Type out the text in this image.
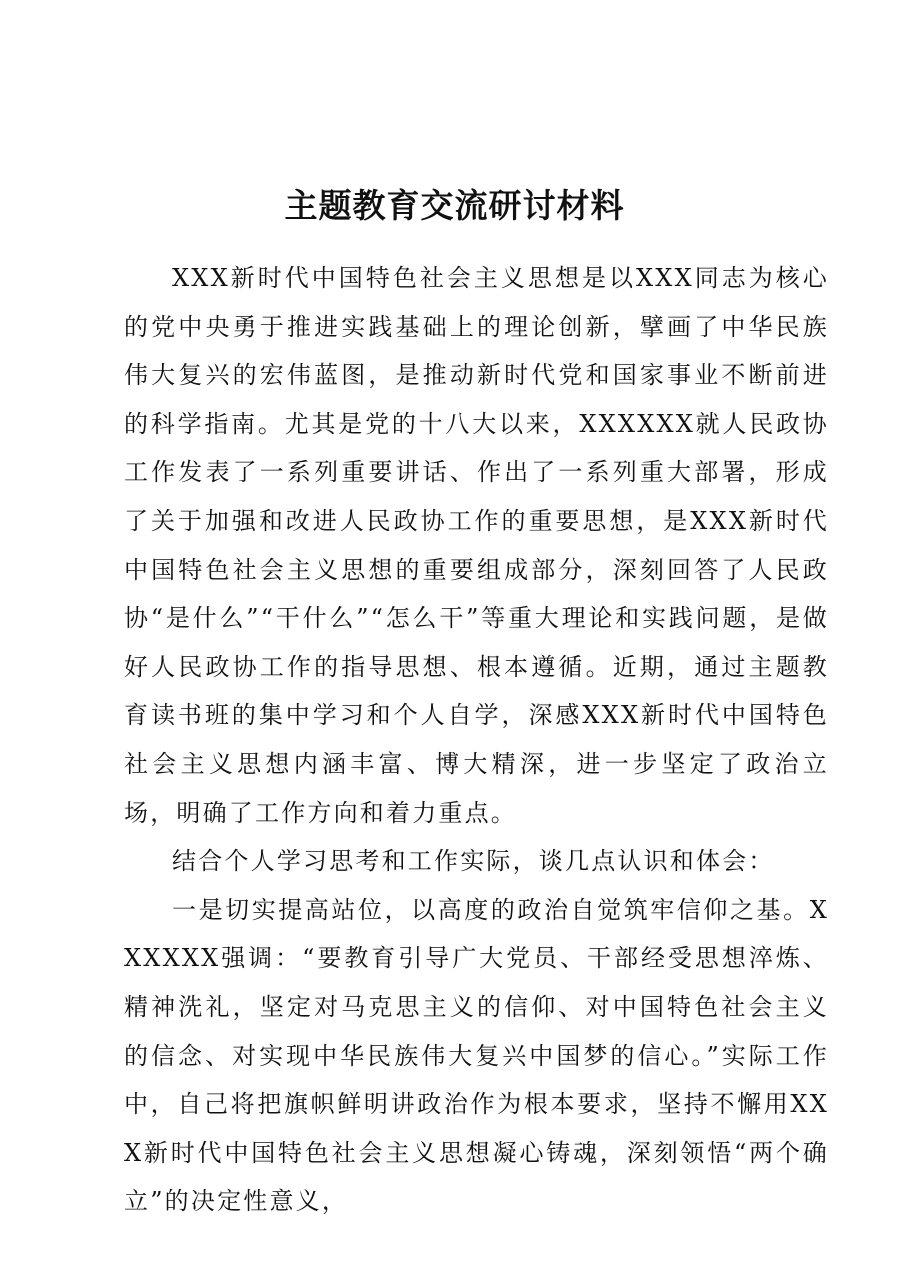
主题教育交流研讨材料

XXX新时代中国特色社会主义思想是以XXX同志为核心的党中央勇于推进实践基础上的理论创新，擘画了中华民族伟大复兴的宏伟蓝图，是推动新时代党和国家事业不断前进的科学指南。尤其是党的十八大以来，XXXXXX就人民政协工作发表了一系列重要讲话、作出了一系列重大部署，形成了关于加强和改进人民政协工作的重要思想，是XXX新时代中国特色社会主义思想的重要组成部分，深刻回答了人民政协“是什么”“干什么”“怎么干”等重大理论和实践问题，是做好人民政协工作的指导思想、根本遵循。近期，通过主题教育读书班的集中学习和个人自学，深感XXX新时代中国特色社会主义思想内涵丰富、博大精深，进一步坚定了政治立场，明确了工作方向和着力重点。

结合个人学习思考和工作实际，谈几点认识和体会：

一是切实提高站位，以高度的政治自觉筑牢信仰之基。XXXXXX强调：“要教育引导广大党员、干部经受思想淬炼、精神洗礼，坚定对马克思主义的信仰、对中国特色社会主义的信念、对实现中华民族伟大复兴中国梦的信心。”实际工作中，自己将把旗帜鲜明讲政治作为根本要求，坚持不懈用XXX新时代中国特色社会主义思想凝心铸魂，深刻领悟“两个确立”的决定性意义，
